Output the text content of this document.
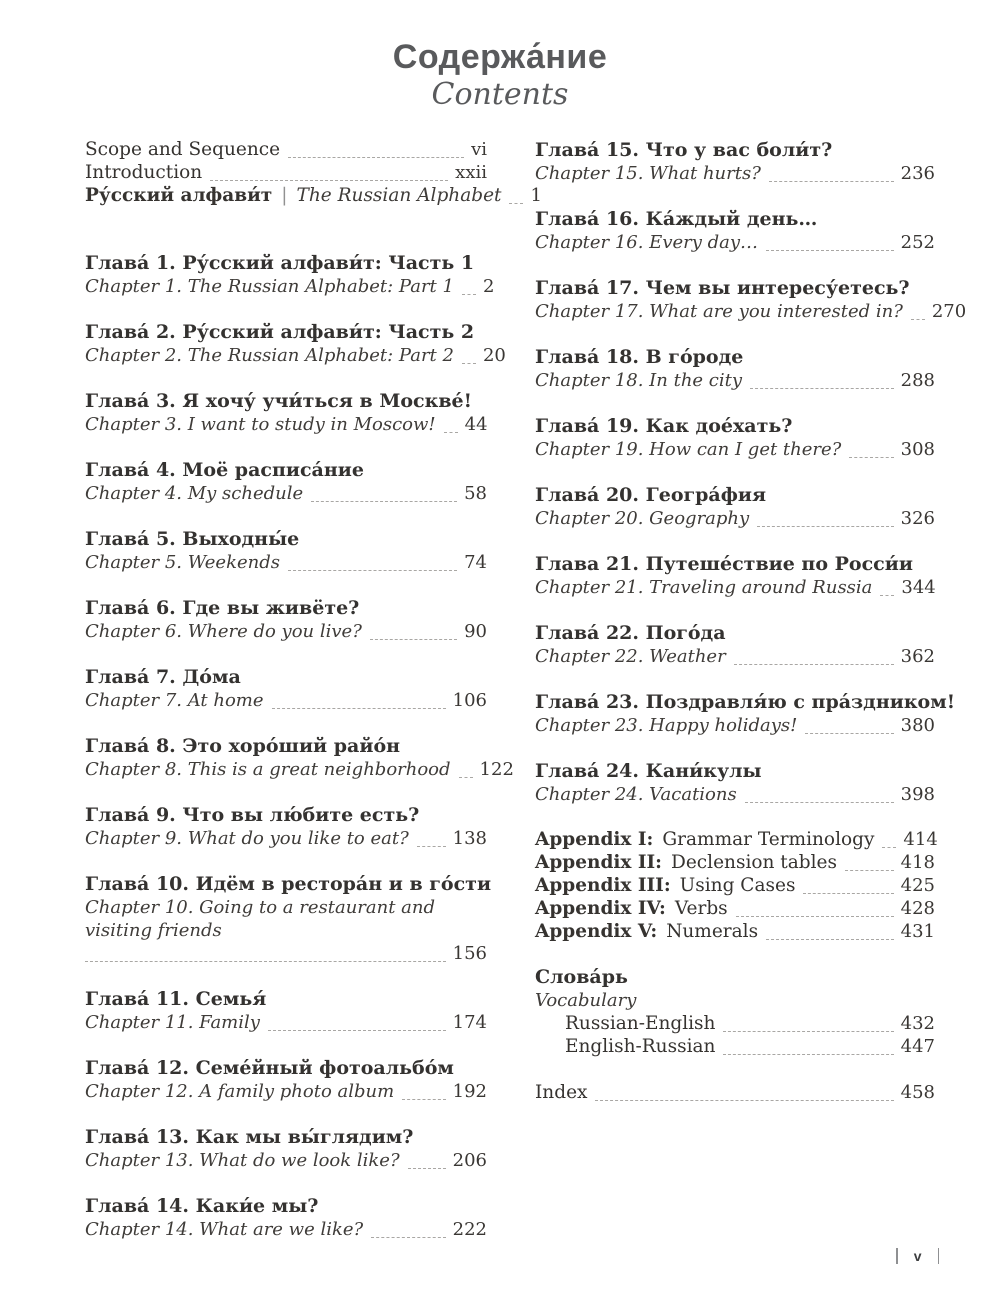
Содержа́ние
Contents
Scope and Sequence	vi
Introduction	xxii
Ру́сский алфави́т | The Russian Alphabet 1
Глава́ 1. Ру́сский алфави́т: Часть 1
Chapter 1. The Russian Alphabet: Part 1 2
Глава́ 2. Ру́сский алфави́т: Часть 2
Chapter 2. The Russian Alphabet: Part 2 20
Глава́ 3. Я хочу́ учи́ться в Москве́!
Chapter 3. I want to study in Moscow! 44
Глава́ 4. Моё расписа́ние
Chapter 4. My schedule	58
Глава́ 5. Выходны́е
Chapter 5. Weekends	74
Глава́ 6. Где вы живёте?
Chapter 6. Where do you live?	90
Глава́ 7. До́ма
Chapter 7. At home	106
Глава́ 8. Это хоро́ший райо́н
Chapter 8. This is a great neighborhood 122
Глава́ 9. Что вы лю́бите есть?
Chapter 9. What do you like to eat? 138
Глава́ 10. Идём в рестора́н и в го́сти
Chapter 10. Going to a restaurant and visiting friends
156
Глава́ 11. Семья́
Chapter 11. Family	174
Глава́ 12. Семе́йный фотоальбо́м
Chapter 12. A family photo album	192
Глава́ 13. Как мы вы́глядим?
Chapter 13. What do we look like?	206
Глава́ 14. Каки́е мы?
Chapter 14. What are we like?	222
Глава́ 15. Что у вас боли́т?
Chapter 15. What hurts?	236
Глава́ 16. Ка́ждый день…
Chapter 16. Every day…	252
Глава́ 17. Чем вы интересу́етесь?
Chapter 17. What are you interested in? 270
Глава́ 18. В го́роде
Chapter 18. In the city	288
Глава́ 19. Как дое́хать?
Chapter 19. How can I get there?	308
Глава́ 20. Геогра́фия
Chapter 20. Geography	326
Глава 21. Путеше́ствие по Росси́и
Chapter 21. Traveling around Russia 344
Глава́ 22. Пого́да
Chapter 22. Weather	362
Глава́ 23. Поздравля́ю с пра́здником!
Chapter 23. Happy holidays!	380
Глава́ 24. Кани́кулы
Chapter 24. Vacations	398
Appendix I: Grammar Terminology 414
Appendix II: Declension tables	418
Appendix III: Using Cases	425
Appendix IV: Verbs	428
Appendix V: Numerals	431
Слова́рь
Vocabulary
Russian-English	432
English-Russian	447
Index	458
v
